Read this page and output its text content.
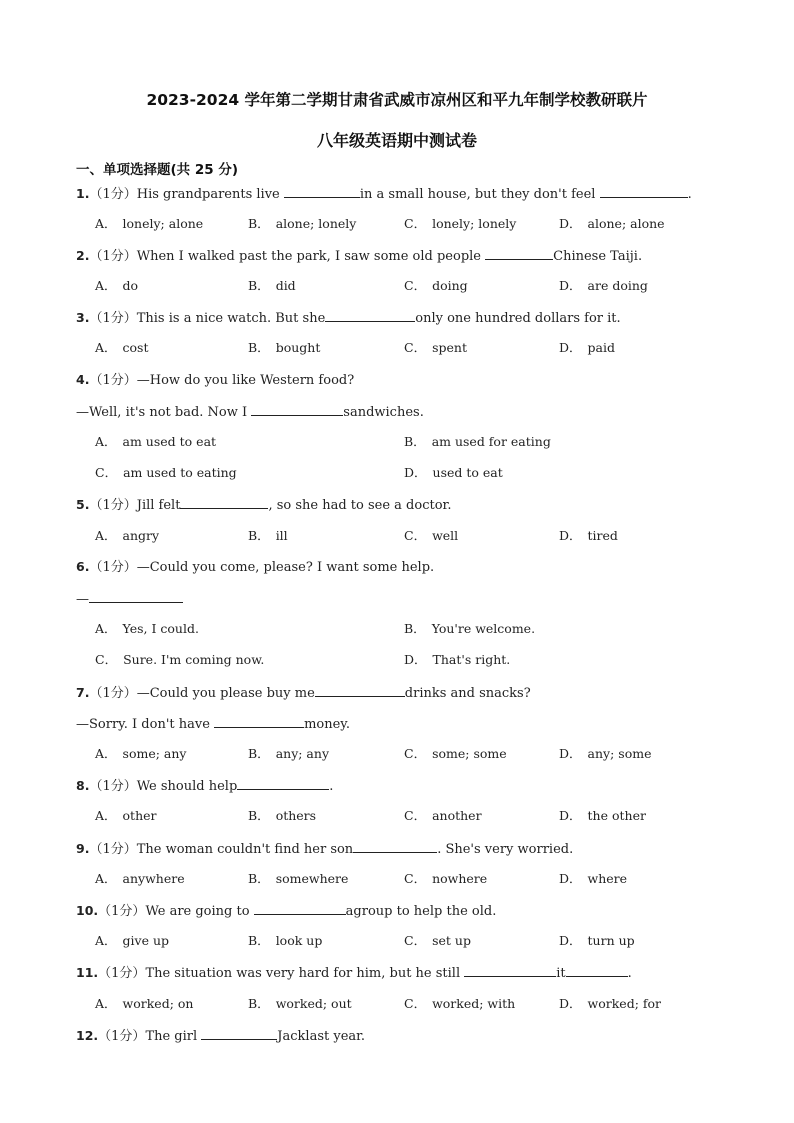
2023-2024 学年第二学期甘肃省武威市凉州区和平九年制学校教研联片
八年级英语期中测试卷
一、单项选择题(共 25 分)
1.（1分）His grandparents live	in a small house, but they don't feel	.
A． lonely; alone	B． alone; lonely	C． lonely; lonely	D． alone; alone
2.（1分）When I walked past the park, I saw some old people	Chinese Taiji.
A． do	B． did	C． doing	D． are doing
3.（1分）This is a nice watch. But she	only one hundred dollars for it.
A． cost	B． bought	C． spent	D． paid
4.（1分）—How do you like Western food?
—Well, it's not bad. Now I	sandwiches.
A． am used to eat	B． am used for eating
C． am used to eating	D． used to eat
5.（1分）Jill felt	, so she had to see a doctor.
A． angry	B． ill	C． well	D． tired
6.（1分）—Could you come, please? I want some help.
—
A． Yes, I could.	B． You're welcome.
C． Sure. I'm coming now.	D． That's right.
7.（1分）—Could you please buy me	drinks and snacks?
—Sorry. I don't have	money.
A． some; any	B． any; any	C． some; some	D． any; some
8.（1分）We should help	.
A． other	B． others	C． another	D． the other
9.（1分）The woman couldn't find her son	. She's very worried.
A． anywhere	B． somewhere	C． nowhere	D． where
10.（1分）We are going to	agroup to help the old.
A． give up	B． look up	C． set up	D． turn up
11.（1分）The situation was very hard for him, but he still	it	.
A． worked; on	B． worked; out	C． worked; with	D． worked; for
12.（1分）The girl	Jacklast year.
